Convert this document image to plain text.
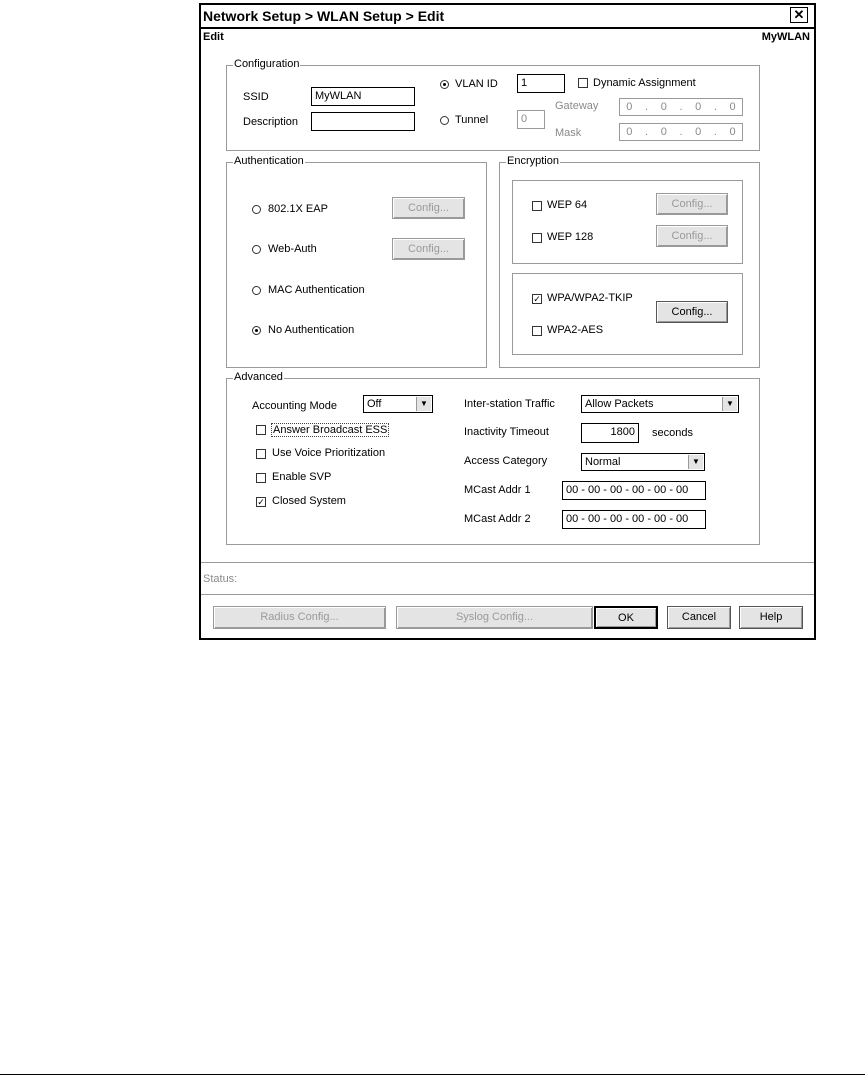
Network Setup > WLAN Setup > Edit	✕
Edit	MyWLAN
Configuration
SSID	MyWLAN
Description
VLAN ID	1	Dynamic Assignment
Tunnel	0
Gateway	0 . 0 . 0 . 0
Mask	0 . 0 . 0 . 0
Authentication
802.1X EAP	Config...
Web-Auth	Config...
MAC Authentication
No Authentication
Encryption
WEP 64	Config...
WEP 128	Config...
✓ WPA/WPA2-TKIP
Config...
WPA2-AES
Advanced
Accounting Mode	Off	▼
Answer Broadcast ESS
Use Voice Prioritization
Enable SVP
✓ Closed System
Inter-station Traffic	Allow Packets	▼
Inactivity Timeout	1800	seconds
Access Category	Normal	▼
MCast Addr 1	00 - 00 - 00 - 00 - 00 - 00
MCast Addr 2	00 - 00 - 00 - 00 - 00 - 00
Status:
Radius Config...	Syslog Config...	OK	Cancel	Help
